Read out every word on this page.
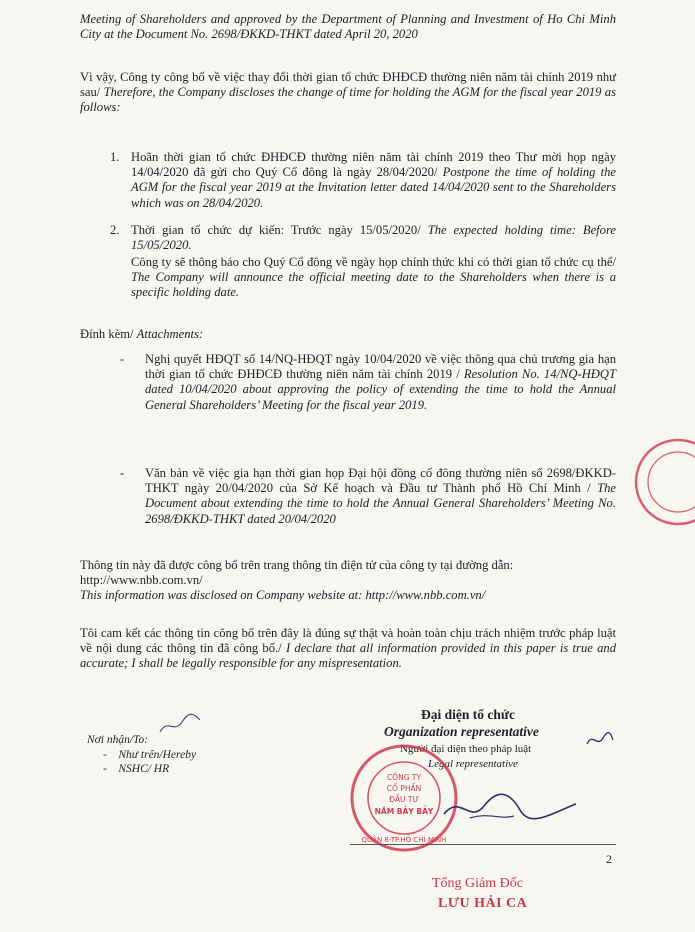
Meeting of Shareholders and approved by the Department of Planning and Investment of Ho Chi Minh City at the Document No. 2698/ĐKKD-THKT dated April 20, 2020

Vì vậy, Công ty công bố về việc thay đổi thời gian tổ chức ĐHĐCĐ thường niên năm tài chính 2019 như sau/ Therefore, the Company discloses the change of time for holding the AGM for the fiscal year 2019 as follows:

1. Hoãn thời gian tổ chức ĐHĐCĐ thường niên năm tài chính 2019 theo Thư mời họp ngày 14/04/2020 đã gửi cho Quý Cổ đông là ngày 28/04/2020/ Postpone the time of holding the AGM for the fiscal year 2019 at the Invitation letter dated 14/04/2020 sent to the Shareholders which was on 28/04/2020.

2. Thời gian tổ chức dự kiến: Trước ngày 15/05/2020/ The expected holding time: Before 15/05/2020.

Công ty sẽ thông báo cho Quý Cổ đông về ngày họp chính thức khi có thời gian tổ chức cụ thể/ The Company will announce the official meeting date to the Shareholders when there is a specific holding date.

Đính kèm/ Attachments:

- Nghị quyết HĐQT số 14/NQ-HĐQT ngày 10/04/2020 về việc thông qua chủ trương gia hạn thời gian tổ chức ĐHĐCĐ thường niên năm tài chính 2019 / Resolution No. 14/NQ-HĐQT dated 10/04/2020 about approving the policy of extending the time to hold the Annual General Shareholders’ Meeting for the fiscal year 2019.

- Văn bản về việc gia hạn thời gian họp Đại hội đồng cổ đông thường niên số 2698/ĐKKD-THKT ngày 20/04/2020 của Sở Kế hoạch và Đầu tư Thành phố Hồ Chí Minh / The Document about extending the time to hold the Annual General Shareholders’ Meeting No. 2698/ĐKKD-THKT dated 20/04/2020

Thông tin này đã được công bố trên trang thông tin điện tử của công ty tại đường dẫn:

http://www.nbb.com.vn/

This information was disclosed on Company website at: http://www.nbb.com.vn/

Tôi cam kết các thông tin công bố trên đây là đúng sự thật và hoàn toàn chịu trách nhiệm trước pháp luật về nội dung các thông tin đã công bố./ I declare that all information provided in this paper is true and accurate; I shall be legally responsible for any mispresentation.

Nơi nhận/To:

- Như trên/Hereby

- NSHC/ HR

Đại diện tổ chức

Organization representative

Người đại diện theo pháp luật

Legal representative

CÔNG TY
CỔ PHẦN
ĐẦU TƯ
NĂM BẢY BẢY
QUẬN 8-TP.HỒ CHÍ MINH
2

Tổng Giám Đốc

LƯU HẢI CA
